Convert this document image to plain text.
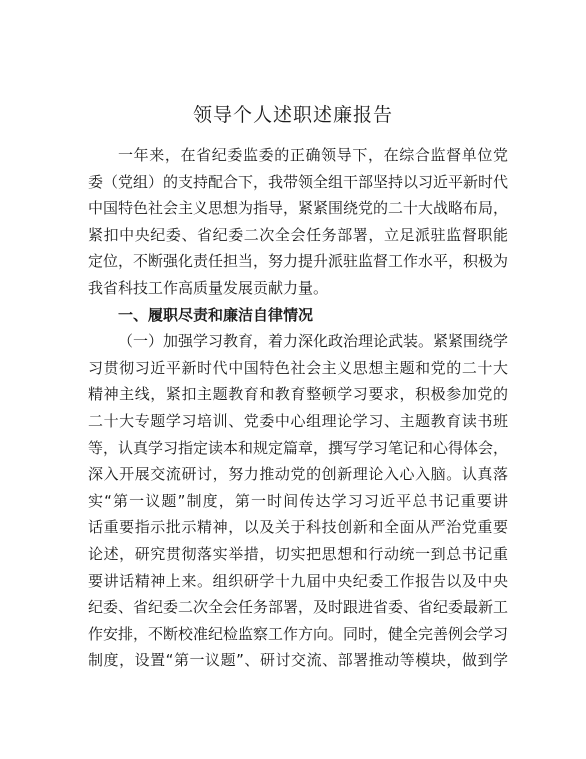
领导个人述职述廉报告
一年来，在省纪委监委的正确领导下，在综合监督单位党
委（党组）的支持配合下，我带领全组干部坚持以习近平新时代
中国特色社会主义思想为指导，紧紧围绕党的二十大战略布局，
紧扣中央纪委、省纪委二次全会任务部署，立足派驻监督职能
定位，不断强化责任担当，努力提升派驻监督工作水平，积极为
我省科技工作高质量发展贡献力量。
一、履职尽责和廉洁自律情况
（一）加强学习教育，着力深化政治理论武装。紧紧围绕学
习贯彻习近平新时代中国特色社会主义思想主题和党的二十大
精神主线，紧扣主题教育和教育整顿学习要求，积极参加党的
二十大专题学习培训、党委中心组理论学习、主题教育读书班
等，认真学习指定读本和规定篇章，撰写学习笔记和心得体会，
深入开展交流研讨，努力推动党的创新理论入心入脑。认真落
实“第一议题”制度，第一时间传达学习习近平总书记重要讲
话重要指示批示精神，以及关于科技创新和全面从严治党重要
论述，研究贯彻落实举措，切实把思想和行动统一到总书记重
要讲话精神上来。组织研学十九届中央纪委工作报告以及中央
纪委、省纪委二次全会任务部署，及时跟进省委、省纪委最新工
作安排，不断校准纪检监察工作方向。同时，健全完善例会学习
制度，设置“第一议题”、研讨交流、部署推动等模块，做到学
